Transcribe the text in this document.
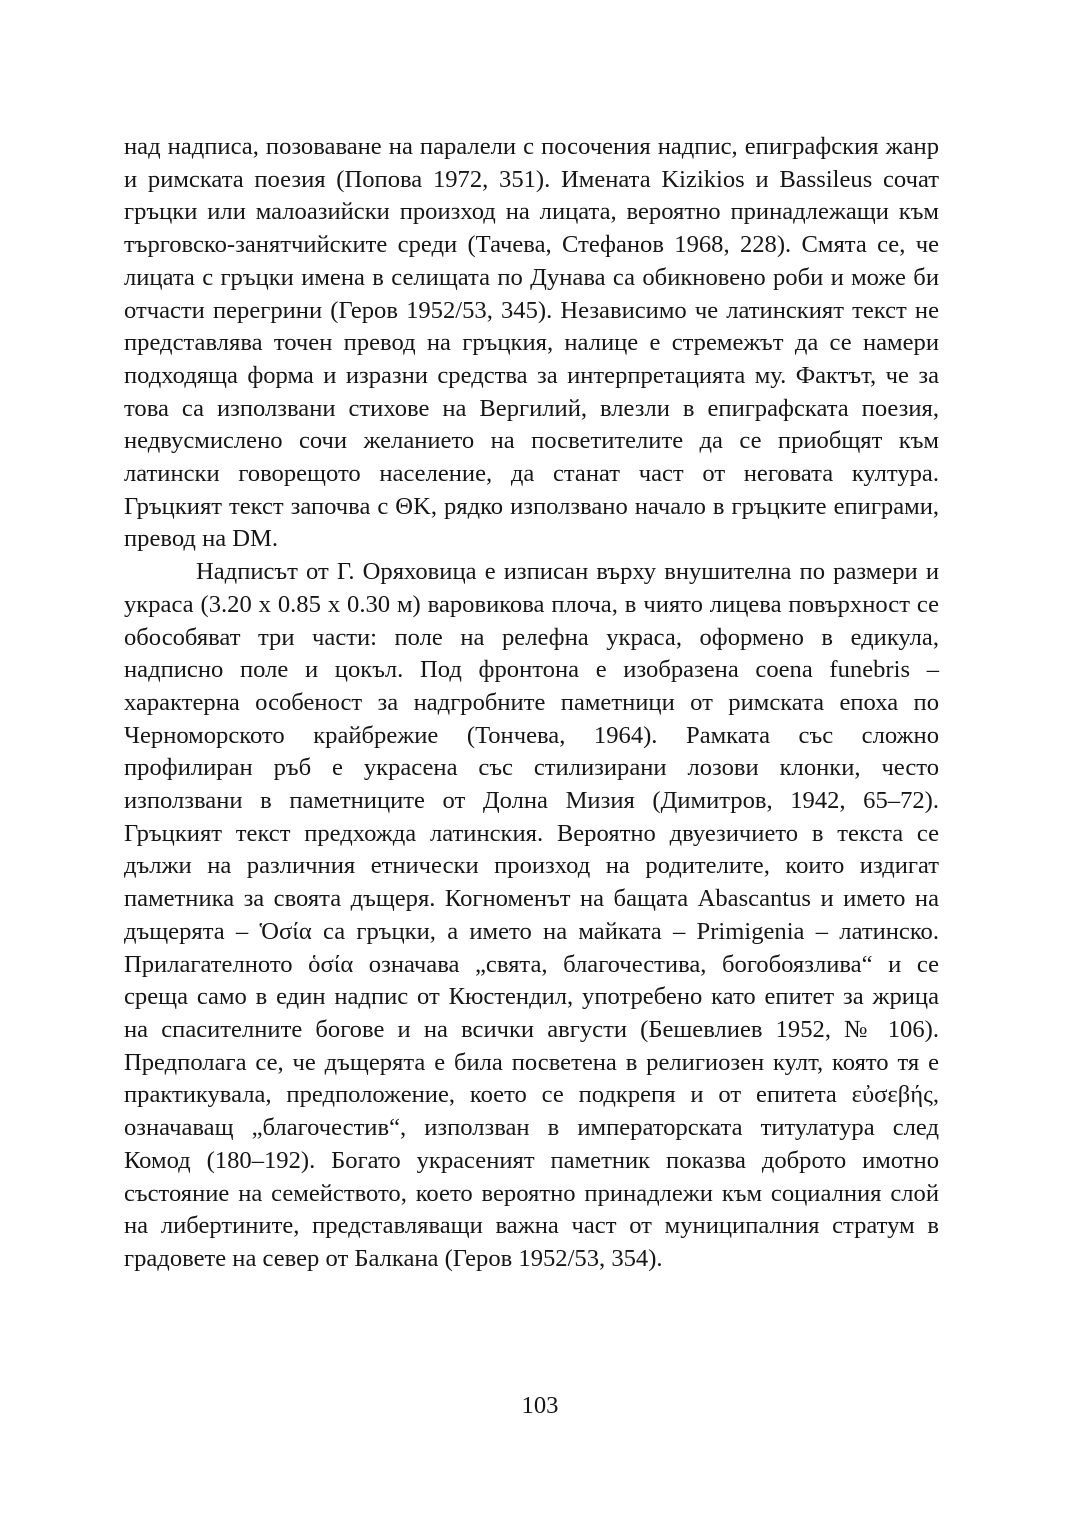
над надписа, позоваване на паралели с посочения надпис, епиграфския жанр и римската поезия (Попова 1972, 351). Имената Kizikios и Bassileus сочат гръцки или малоазийски произход на лицата, вероятно принадлежащи към търговско-занятчийските среди (Тачева, Стефанов 1968, 228). Смята се, че лицата с гръцки имена в селищата по Дунава са обикновено роби и може би отчасти перегрини (Геров 1952/53, 345). Независимо че латинският текст не представлява точен превод на гръцкия, налице е стремежът да се намери подходяща форма и изразни средства за интерпретацията му. Фактът, че за това са използвани стихове на Вергилий, влезли в епиграфската поезия, недвусмислено сочи желанието на посветителите да се приобщят към латински говорещото население, да станат част от неговата култура. Гръцкият текст започва с ΘΚ, рядко използвано начало в гръцките епиграми, превод на DM.

Надписът от Г. Оряховица е изписан върху внушителна по размери и украса (3.20 x 0.85 x 0.30 м) варовикова плоча, в чиято лицева повърхност се обособяват три части: поле на релефна украса, оформено в едикула, надписно поле и цокъл. Под фронтона е изобразена coena funebris – характерна особеност за надгробните паметници от римската епоха по Черноморското крайбрежие (Тончева, 1964). Рамката със сложно профилиран ръб е украсена със стилизирани лозови клонки, често използвани в паметниците от Долна Мизия (Димитров, 1942, 65–72). Гръцкият текст предхожда латинския. Вероятно двуезичието в текста се дължи на различния етнически произход на родителите, които издигат паметника за своята дъщеря. Когноменът на бащата Abascantus и името на дъщерята – Ὁσία са гръцки, а името на майката – Primigenia – латинско. Прилагателното ὁσία означава „свята, благочестива, богобоязлива“ и се среща само в един надпис от Кюстендил, употребено като епитет за жрица на спасителните богове и на всички августи (Бешевлиев 1952, № 106). Предполага се, че дъщерята е била посветена в религиозен култ, която тя е практикувала, предположение, което се подкрепя и от епитета εὐσεβής, означаващ „благочестив“, използван в императорската титулатура след Комод (180–192). Богато украсеният паметник показва доброто имотно състояние на семейството, което вероятно принадлежи към социалния слой на либертините, представляващи важна част от муниципалния стратум в градовете на север от Балкана (Геров 1952/53, 354).

103
